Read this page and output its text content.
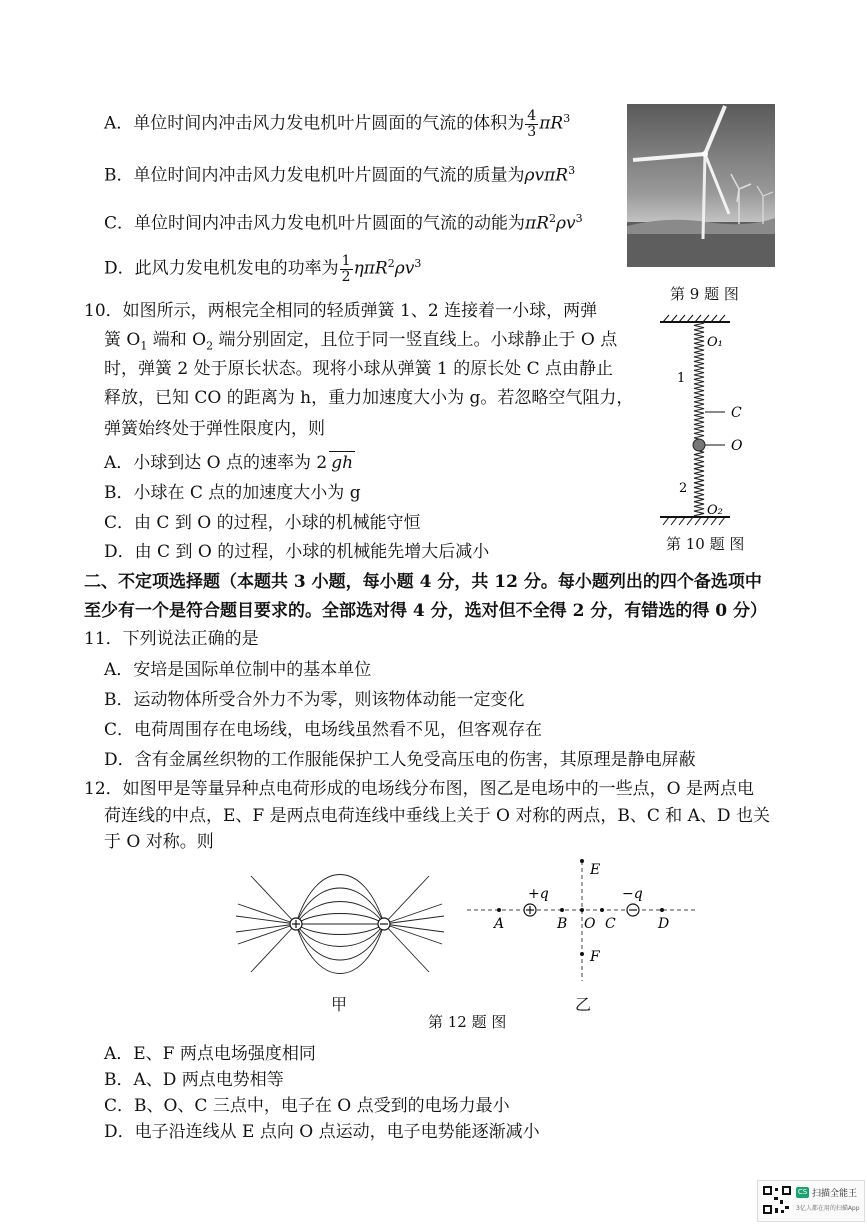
A．单位时间内冲击风力发电机叶片圆面的气流的体积为 $\frac{4}{3} \pi R^3$
B．单位时间内冲击风力发电机叶片圆面的气流的质量为ρvπR$^3$
C．单位时间内冲击风力发电机叶片圆面的气流的动能为$\pi R^2\rho v^3$
D．此风力发电机发电的功率为 $\frac{1}{2} \eta\pi R^2\rho v^3$
第 9 题 图
10．如图所示，两根完全相同的轻质弹簧 1、2 连接着一小球，两弹
簧 $O_1$ 端和 $O_2$ 端分别固定，且位于同一竖直线上。小球静止于 O 点
时，弹簧 2 处于原长状态。现将小球从弹簧 1 的原长处 C 点由静止
释放，已知 CO 的距离为 h，重力加速度大小为 g。若忽略空气阻力，
弹簧始终处于弹性限度内，则
A．小球到达 O 点的速率为 2 gh
B．小球在 C 点的加速度大小为 g
C．由 C 到 O 的过程，小球的机械能守恒
D．由 C 到 O 的过程，小球的机械能先增大后减小
O₁
1
C
O
2
O₂
第 10 题 图
二、不定项选择题（本题共 3 小题，每小题 4 分，共 12 分。每小题列出的四个备选项中
至少有一个是符合题目要求的。全部选对得 4 分，选对但不全得 2 分，有错选的得 0 分）
11．下列说法正确的是
A．安培是国际单位制中的基本单位
B．运动物体所受合外力不为零，则该物体动能一定变化
C．电荷周围存在电场线，电场线虽然看不见，但客观存在
D．含有金属丝织物的工作服能保护工人免受高压电的伤害，其原理是静电屏蔽
12．如图甲是等量异种点电荷形成的电场线分布图，图乙是电场中的一些点，O 是两点电
荷连线的中点，E、F 是两点电荷连线中垂线上关于 O 对称的两点，B、C 和 A、D 也关
于 O 对称。则
甲
+q	−q
A	B O C	D
E
F
乙
第 12 题 图
A．E、F 两点电场强度相同
B．A、D 两点电势相等
C．B、O、C 三点中，电子在 O 点受到的电场力最小
D．电子沿连线从 E 点向 O 点运动，电子电势能逐渐减小
CS 扫描全能王
3亿人都在用的扫描App
